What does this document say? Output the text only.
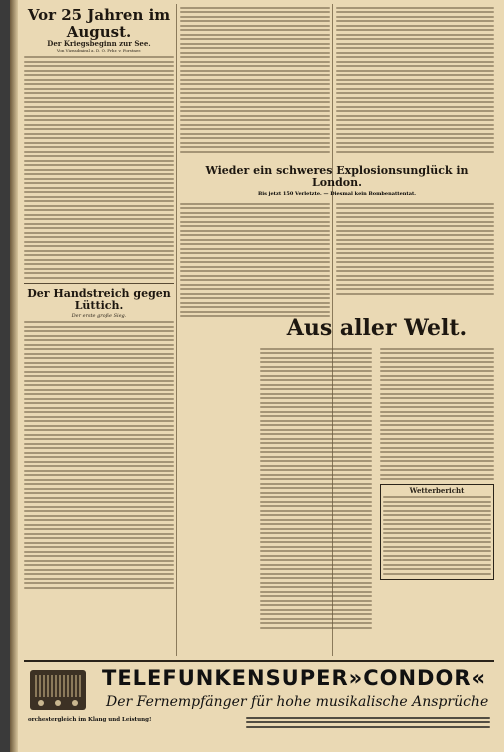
Vor 25 Jahren im August.
Der Kriegsbeginn zur See.
Von Vizeadmiral a. D. O. Frhr. v. Forstner.
Der Handstreich gegen Lüttich.
Der erste große Sieg.
Wieder ein schweres Explosionsunglück in London.
Bis jetzt 150 Verletzte. — Diesmal kein Bombenattentat.
Aus aller Welt.
Wetterbericht
TELEFUNKENSUPER»CONDOR«
Der Fernempfänger für hohe musikalische Ansprüche
orchestergleich im Klang und Leistung!
